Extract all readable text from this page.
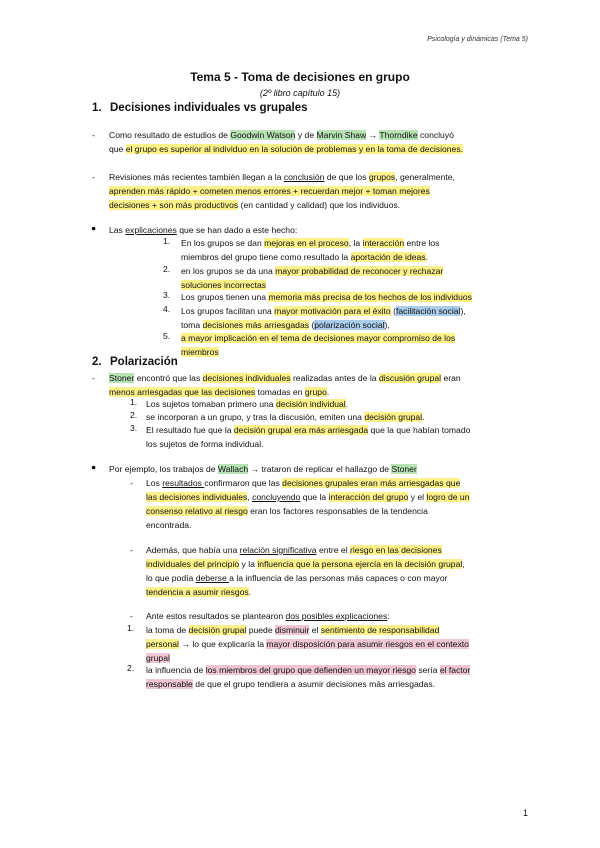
Psicología y dinámicas (Tema 5)
Tema 5 - Toma de decisiones en grupo
(2º libro capítulo 15)
1. Decisiones individuales vs grupales
- Como resultado de estudios de Goodwin Watson y de Marvin Shaw → Thorndike concluyó
que el grupo es superior al individuo en la solución de problemas y en la toma de decisiones.
- Revisiones más recientes también llegan a la conclusión de que los grupos, generalmente,
aprenden más rápido + cometen menos errores + recuerdan mejor + toman mejores
decisiones + son más productivos (en cantidad y calidad) que los individuos.
● Las explicaciones que se han dado a este hecho:
1. En los grupos se dan mejoras en el proceso, la interacción entre los
miembros del grupo tiene como resultado la aportación de ideas.
2. en los grupos se da una mayor probabilidad de reconocer y rechazar
soluciones incorrectas
3. Los grupos tienen una memoria más precisa de los hechos de los individuos
4. Los grupos facilitan una mayor motivación para el éxito (facilitación social),
toma decisiones más arriesgadas (polarización social),
5. a mayor implicación en el tema de decisiones mayor compromiso de los
miembros
2. Polarización
- Stoner encontró que las decisiones individuales realizadas antes de la discusión grupal eran
menos arriesgadas que las decisiones tomadas en grupo.
1. Los sujetos tomaban primero una decisión individual.
2. se incorporan a un grupo, y tras la discusión, emiten una decisión grupal.
3. El resultado fue que la decisión grupal era más arriesgada que la que habían tomado
los sujetos de forma individual.
● Por ejemplo, los trabajos de Wallach → trataron de replicar el hallazgo de Stoner
- Los resultados confirmaron que las decisiones grupales eran más arriesgadas que
las decisiones individuales, concluyendo que la interacción del grupo y el logro de un
consenso relativo al riesgo eran los factores responsables de la tendencia
encontrada.
- Además, que había una relación significativa entre el riesgo en las decisiones
individuales del principio y la influencia que la persona ejercía en la decisión grupal,
lo que podía deberse a la influencia de las personas más capaces o con mayor
tendencia a asumir riesgos.
- Ante estos resultados se plantearon dos posibles explicaciones:
1. la toma de decisión grupal puede disminuir el sentimiento de responsabilidad
personal → lo que explicaría la mayor disposición para asumir riesgos en el contexto
grupal
2. la influencia de los miembros del grupo que defienden un mayor riesgo sería el factor
responsable de que el grupo tendiera a asumir decisiones más arriesgadas.
1
